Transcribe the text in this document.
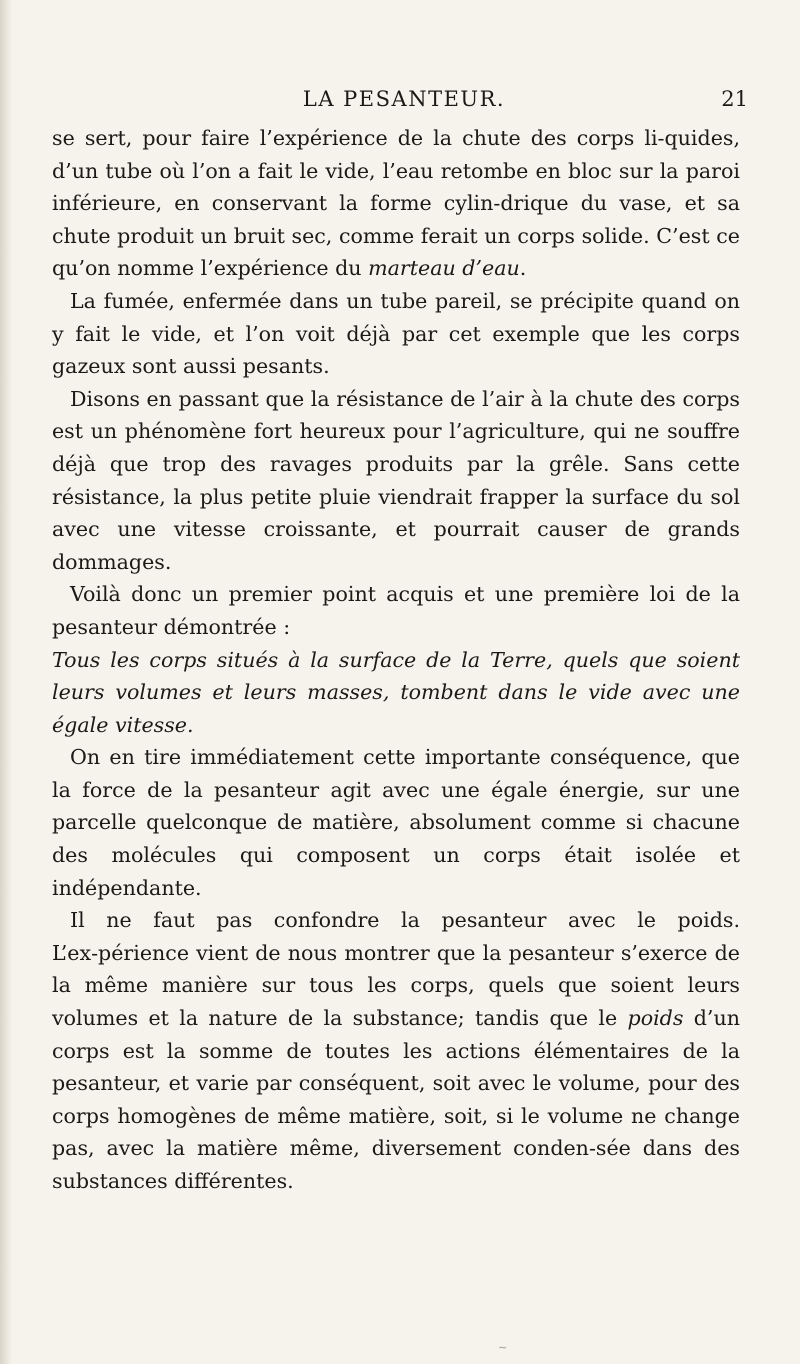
LA PESANTEUR.	21

se sert, pour faire l’expérience de la chute des corps li‑quides, d’un tube où l’on a fait le vide, l’eau retombe en bloc sur la paroi inférieure, en conservant la forme cylin‑drique du vase, et sa chute produit un bruit sec, comme ferait un corps solide. C’est ce qu’on nomme l’expérience du marteau d’eau.

La fumée, enfermée dans un tube pareil, se précipite quand on y fait le vide, et l’on voit déjà par cet exemple que les corps gazeux sont aussi pesants.

Disons en passant que la résistance de l’air à la chute des corps est un phénomène fort heureux pour l’agriculture, qui ne souffre déjà que trop des ravages produits par la grêle. Sans cette résistance, la plus petite pluie viendrait frapper la surface du sol avec une vitesse croissante, et pourrait causer de grands dommages.

Voilà donc un premier point acquis et une première loi de la pesanteur démontrée :

Tous les corps situés à la surface de la Terre, quels que soient leurs volumes et leurs masses, tombent dans le vide avec une égale vitesse.

On en tire immédiatement cette importante conséquence, que la force de la pesanteur agit avec une égale énergie, sur une parcelle quelconque de matière, absolument comme si chacune des molécules qui composent un corps était isolée et indépendante.

Il ne faut pas confondre la pesanteur avec le poids. L’ex‑périence vient de nous montrer que la pesanteur s’exerce de la même manière sur tous les corps, quels que soient leurs volumes et la nature de la substance; tandis que le poids d’un corps est la somme de toutes les actions élémentaires de la pesanteur, et varie par conséquent, soit avec le volume, pour des corps homogènes de même matière, soit, si le volume ne change pas, avec la matière même, diversement conden‑sée dans des substances différentes.

∼
